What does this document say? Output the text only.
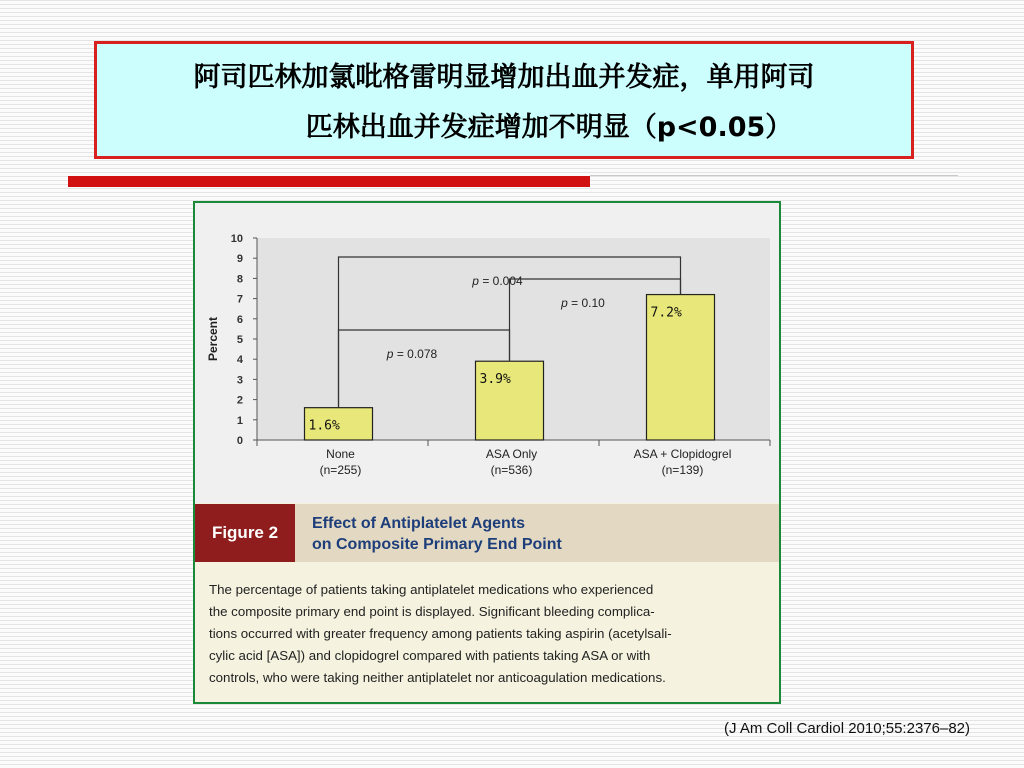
阿司匹林加氯吡格雷明显增加出血并发症，单用阿司
匹林出血并发症增加不明显（p<0.05）
0
1
2
3
4
5
6
7
8
9
10
Percent
1.6%
3.9%
7.2%
None
(n=255)
ASA Only
(n=536)
ASA + Clopidogrel
(n=139)
p = 0.004
p = 0.10
p = 0.078
Figure 2	Effect of Antiplatelet Agents
on Composite Primary End Point
The percentage of patients taking antiplatelet medications who experienced
the composite primary end point is displayed. Significant bleeding complica-
tions occurred with greater frequency among patients taking aspirin (acetylsali-
cylic acid [ASA]) and clopidogrel compared with patients taking ASA or with
controls, who were taking neither antiplatelet nor anticoagulation medications.
(J Am Coll Cardiol 2010;55:2376–82)
